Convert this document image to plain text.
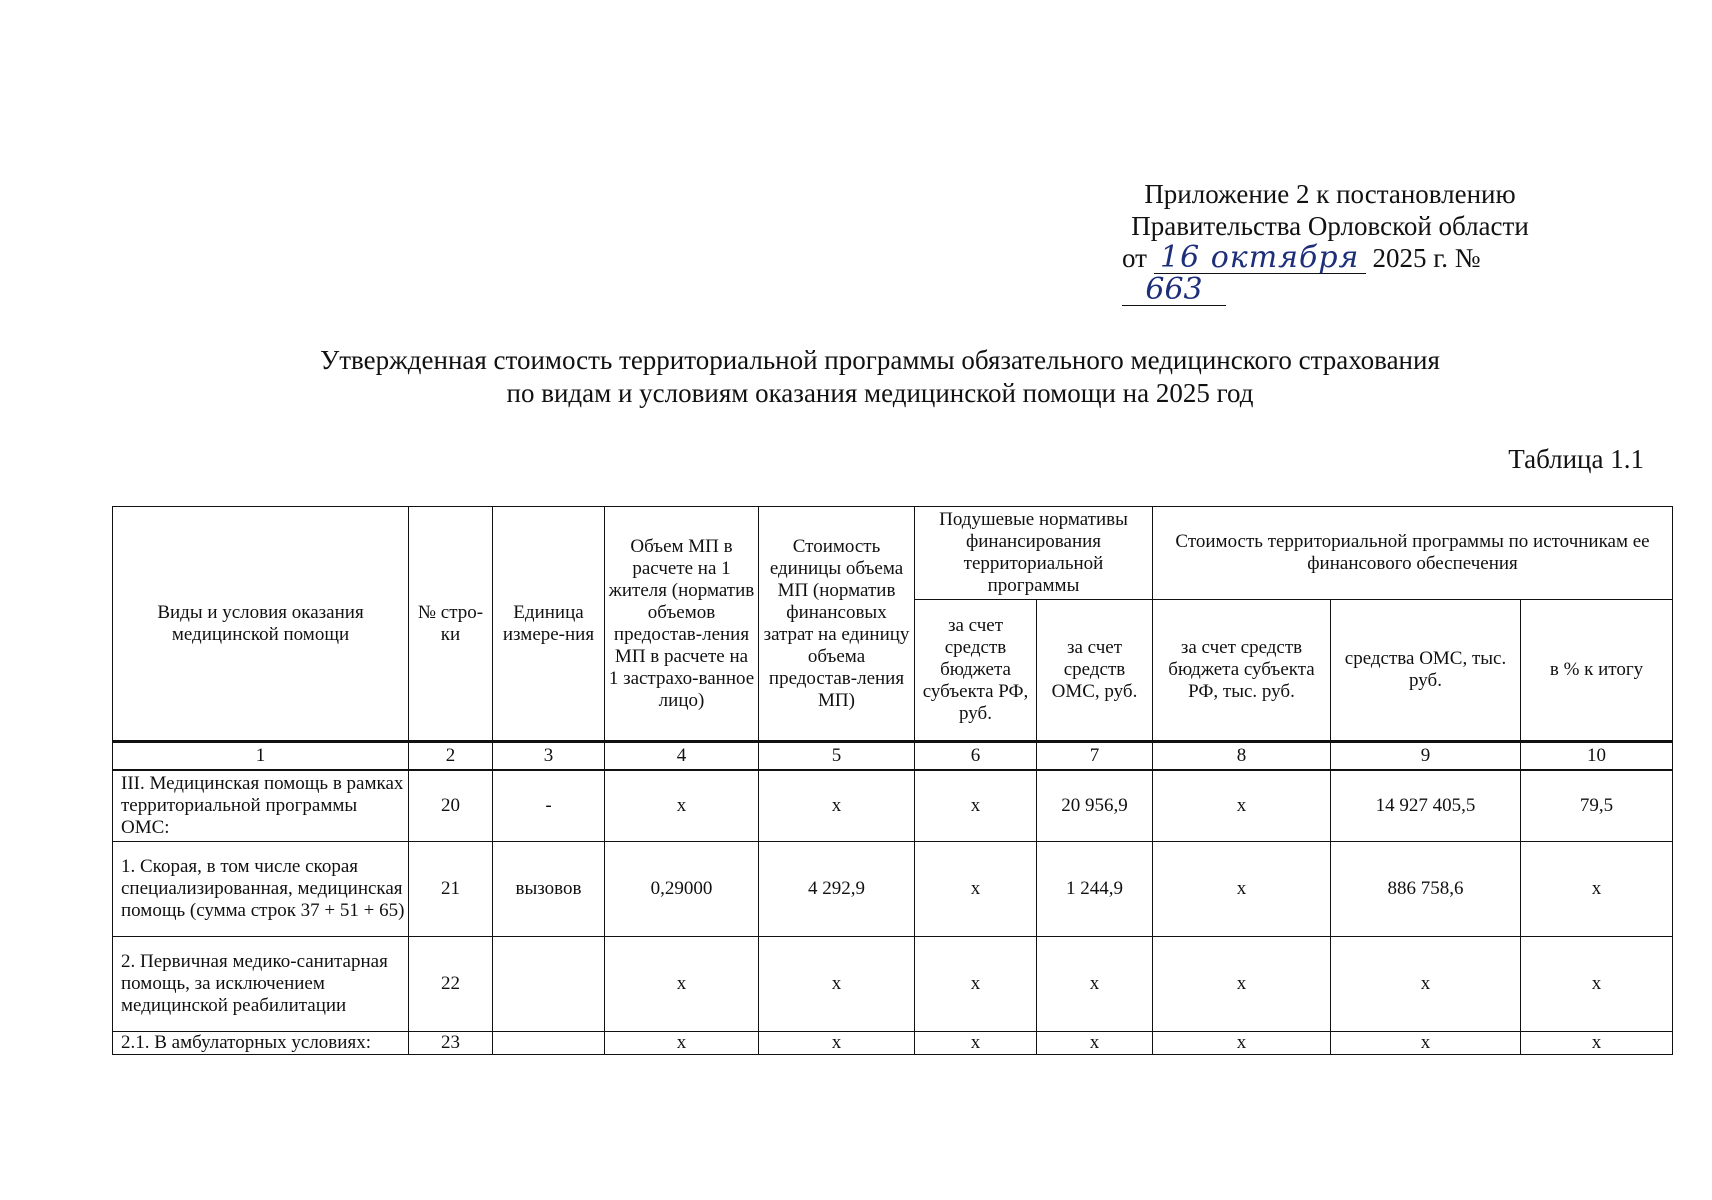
Приложение 2 к постановлению
Правительства Орловской области
от 16 октября 2025 г. № 663
Утвержденная стоимость территориальной программы обязательного медицинского страхования
по видам и условиям оказания медицинской помощи на 2025 год
Таблица 1.1
Виды и условия оказания медицинской помощи	№ стро-ки	Единица измере-ния	Объем МП в расчете на 1 жителя (норматив объемов предостав-ления МП в расчете на 1 застрахо-ванное лицо)	Стоимость единицы объема МП (норматив финансовых затрат на единицу объема предостав-ления МП)	Подушевые нормативы финансирования территориальной программы		Стоимость территориальной программы по источникам ее финансового обеспечения		
					за счет средств бюджета субъекта РФ, руб.	за счет средств ОМС, руб.	за счет средств бюджета субъекта РФ, тыс. руб.	средства ОМС, тыс. руб.	в % к итогу
1	2	3	4	5	6	7	8	9	10
III. Медицинская помощь в рамках территориальной программы ОМС:	20	-	х	х	х	20 956,9	х	14 927 405,5	79,5
1. Скорая, в том числе скорая специализированная, медицинская помощь (сумма строк 37 + 51 + 65)	21	вызовов	0,29000	4 292,9	х	1 244,9	х	886 758,6	х
2. Первичная медико-санитарная помощь, за исключением медицинской реабилитации	22		х	х	х	х	х	х	х
2.1. В амбулаторных условиях:	23		х	х	х	х	х	х	х
